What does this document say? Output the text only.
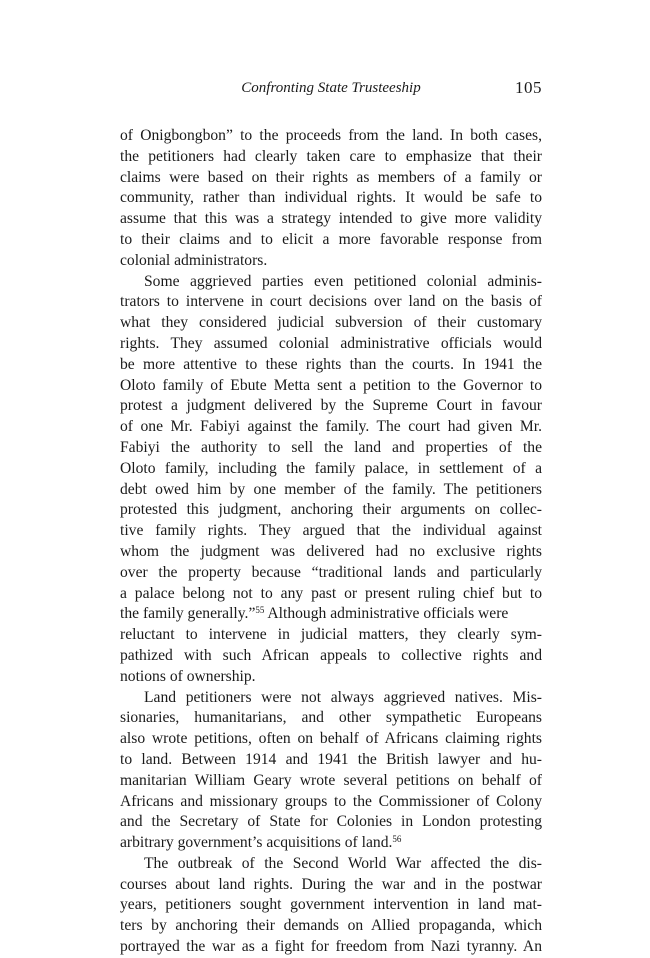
Confronting State Trusteeship	105
of Onigbongbon” to the proceeds from the land. In both cases,
the petitioners had clearly taken care to emphasize that their
claims were based on their rights as members of a family or
community, rather than individual rights. It would be safe to
assume that this was a strategy intended to give more validity
to their claims and to elicit a more favorable response from
colonial administrators.
Some aggrieved parties even petitioned colonial adminis-
trators to intervene in court decisions over land on the basis of
what they considered judicial subversion of their customary
rights. They assumed colonial administrative officials would
be more attentive to these rights than the courts. In 1941 the
Oloto family of Ebute Metta sent a petition to the Governor to
protest a judgment delivered by the Supreme Court in favour
of one Mr. Fabiyi against the family. The court had given Mr.
Fabiyi the authority to sell the land and properties of the
Oloto family, including the family palace, in settlement of a
debt owed him by one member of the family. The petitioners
protested this judgment, anchoring their arguments on collec-
tive family rights. They argued that the individual against
whom the judgment was delivered had no exclusive rights
over the property because “traditional lands and particularly
a palace belong not to any past or present ruling chief but to
the family generally.”$^{55}$ Although administrative officials were
reluctant to intervene in judicial matters, they clearly sym-
pathized with such African appeals to collective rights and
notions of ownership.
Land petitioners were not always aggrieved natives. Mis-
sionaries, humanitarians, and other sympathetic Europeans
also wrote petitions, often on behalf of Africans claiming rights
to land. Between 1914 and 1941 the British lawyer and hu-
manitarian William Geary wrote several petitions on behalf of
Africans and missionary groups to the Commissioner of Colony
and the Secretary of State for Colonies in London protesting
arbitrary government’s acquisitions of land.$^{56}$
The outbreak of the Second World War affected the dis-
courses about land rights. During the war and in the postwar
years, petitioners sought government intervention in land mat-
ters by anchoring their demands on Allied propaganda, which
portrayed the war as a fight for freedom from Nazi tyranny. An
